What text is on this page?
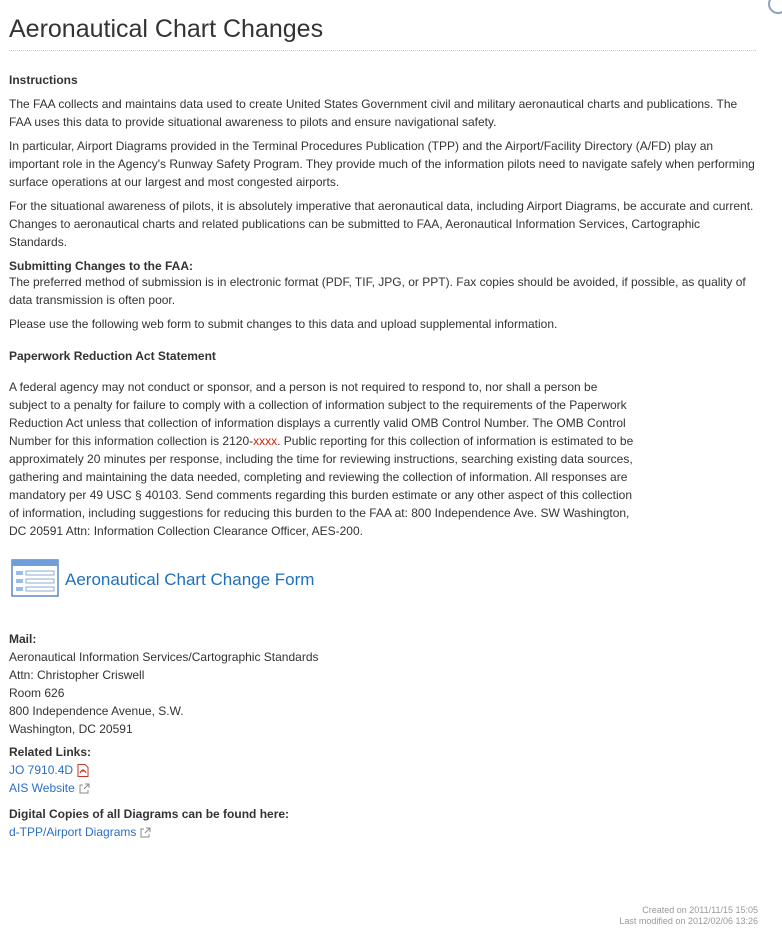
Aeronautical Chart Changes
Instructions

The FAA collects and maintains data used to create United States Government civil and military aeronautical charts and publications. The FAA uses this data to provide situational awareness to pilots and ensure navigational safety.

In particular, Airport Diagrams provided in the Terminal Procedures Publication (TPP) and the Airport/Facility Directory (A/FD) play an important role in the Agency's Runway Safety Program. They provide much of the information pilots need to navigate safely when performing surface operations at our largest and most congested airports.

For the situational awareness of pilots, it is absolutely imperative that aeronautical data, including Airport Diagrams, be accurate and current. Changes to aeronautical charts and related publications can be submitted to FAA, Aeronautical Information Services, Cartographic Standards.

Submitting Changes to the FAA:

The preferred method of submission is in electronic format (PDF, TIF, JPG, or PPT). Fax copies should be avoided, if possible, as quality of data transmission is often poor.

Please use the following web form to submit changes to this data and upload supplemental information.

Paperwork Reduction Act Statement

A federal agency may not conduct or sponsor, and a person is not required to respond to, nor shall a person be subject to a penalty for failure to comply with a collection of information subject to the requirements of the Paperwork Reduction Act unless that collection of information displays a currently valid OMB Control Number. The OMB Control Number for this information collection is 2120-xxxx. Public reporting for this collection of information is estimated to be approximately 20 minutes per response, including the time for reviewing instructions, searching existing data sources, gathering and maintaining the data needed, completing and reviewing the collection of information. All responses are mandatory per 49 USC § 40103. Send comments regarding this burden estimate or any other aspect of this collection of information, including suggestions for reducing this burden to the FAA at: 800 Independence Ave. SW Washington, DC 20591 Attn: Information Collection Clearance Officer, AES-200.

Aeronautical Chart Change Form
Mail:
Aeronautical Information Services/Cartographic Standards
Attn: Christopher Criswell
Room 626
800 Independence Avenue, S.W.
Washington, DC 20591
Related Links:
JO 7910.4D
AIS Website
Digital Copies of all Diagrams can be found here:
d-TPP/Airport Diagrams
Created on 2011/11/15 15:05
Last modified on 2012/02/06 13:26
